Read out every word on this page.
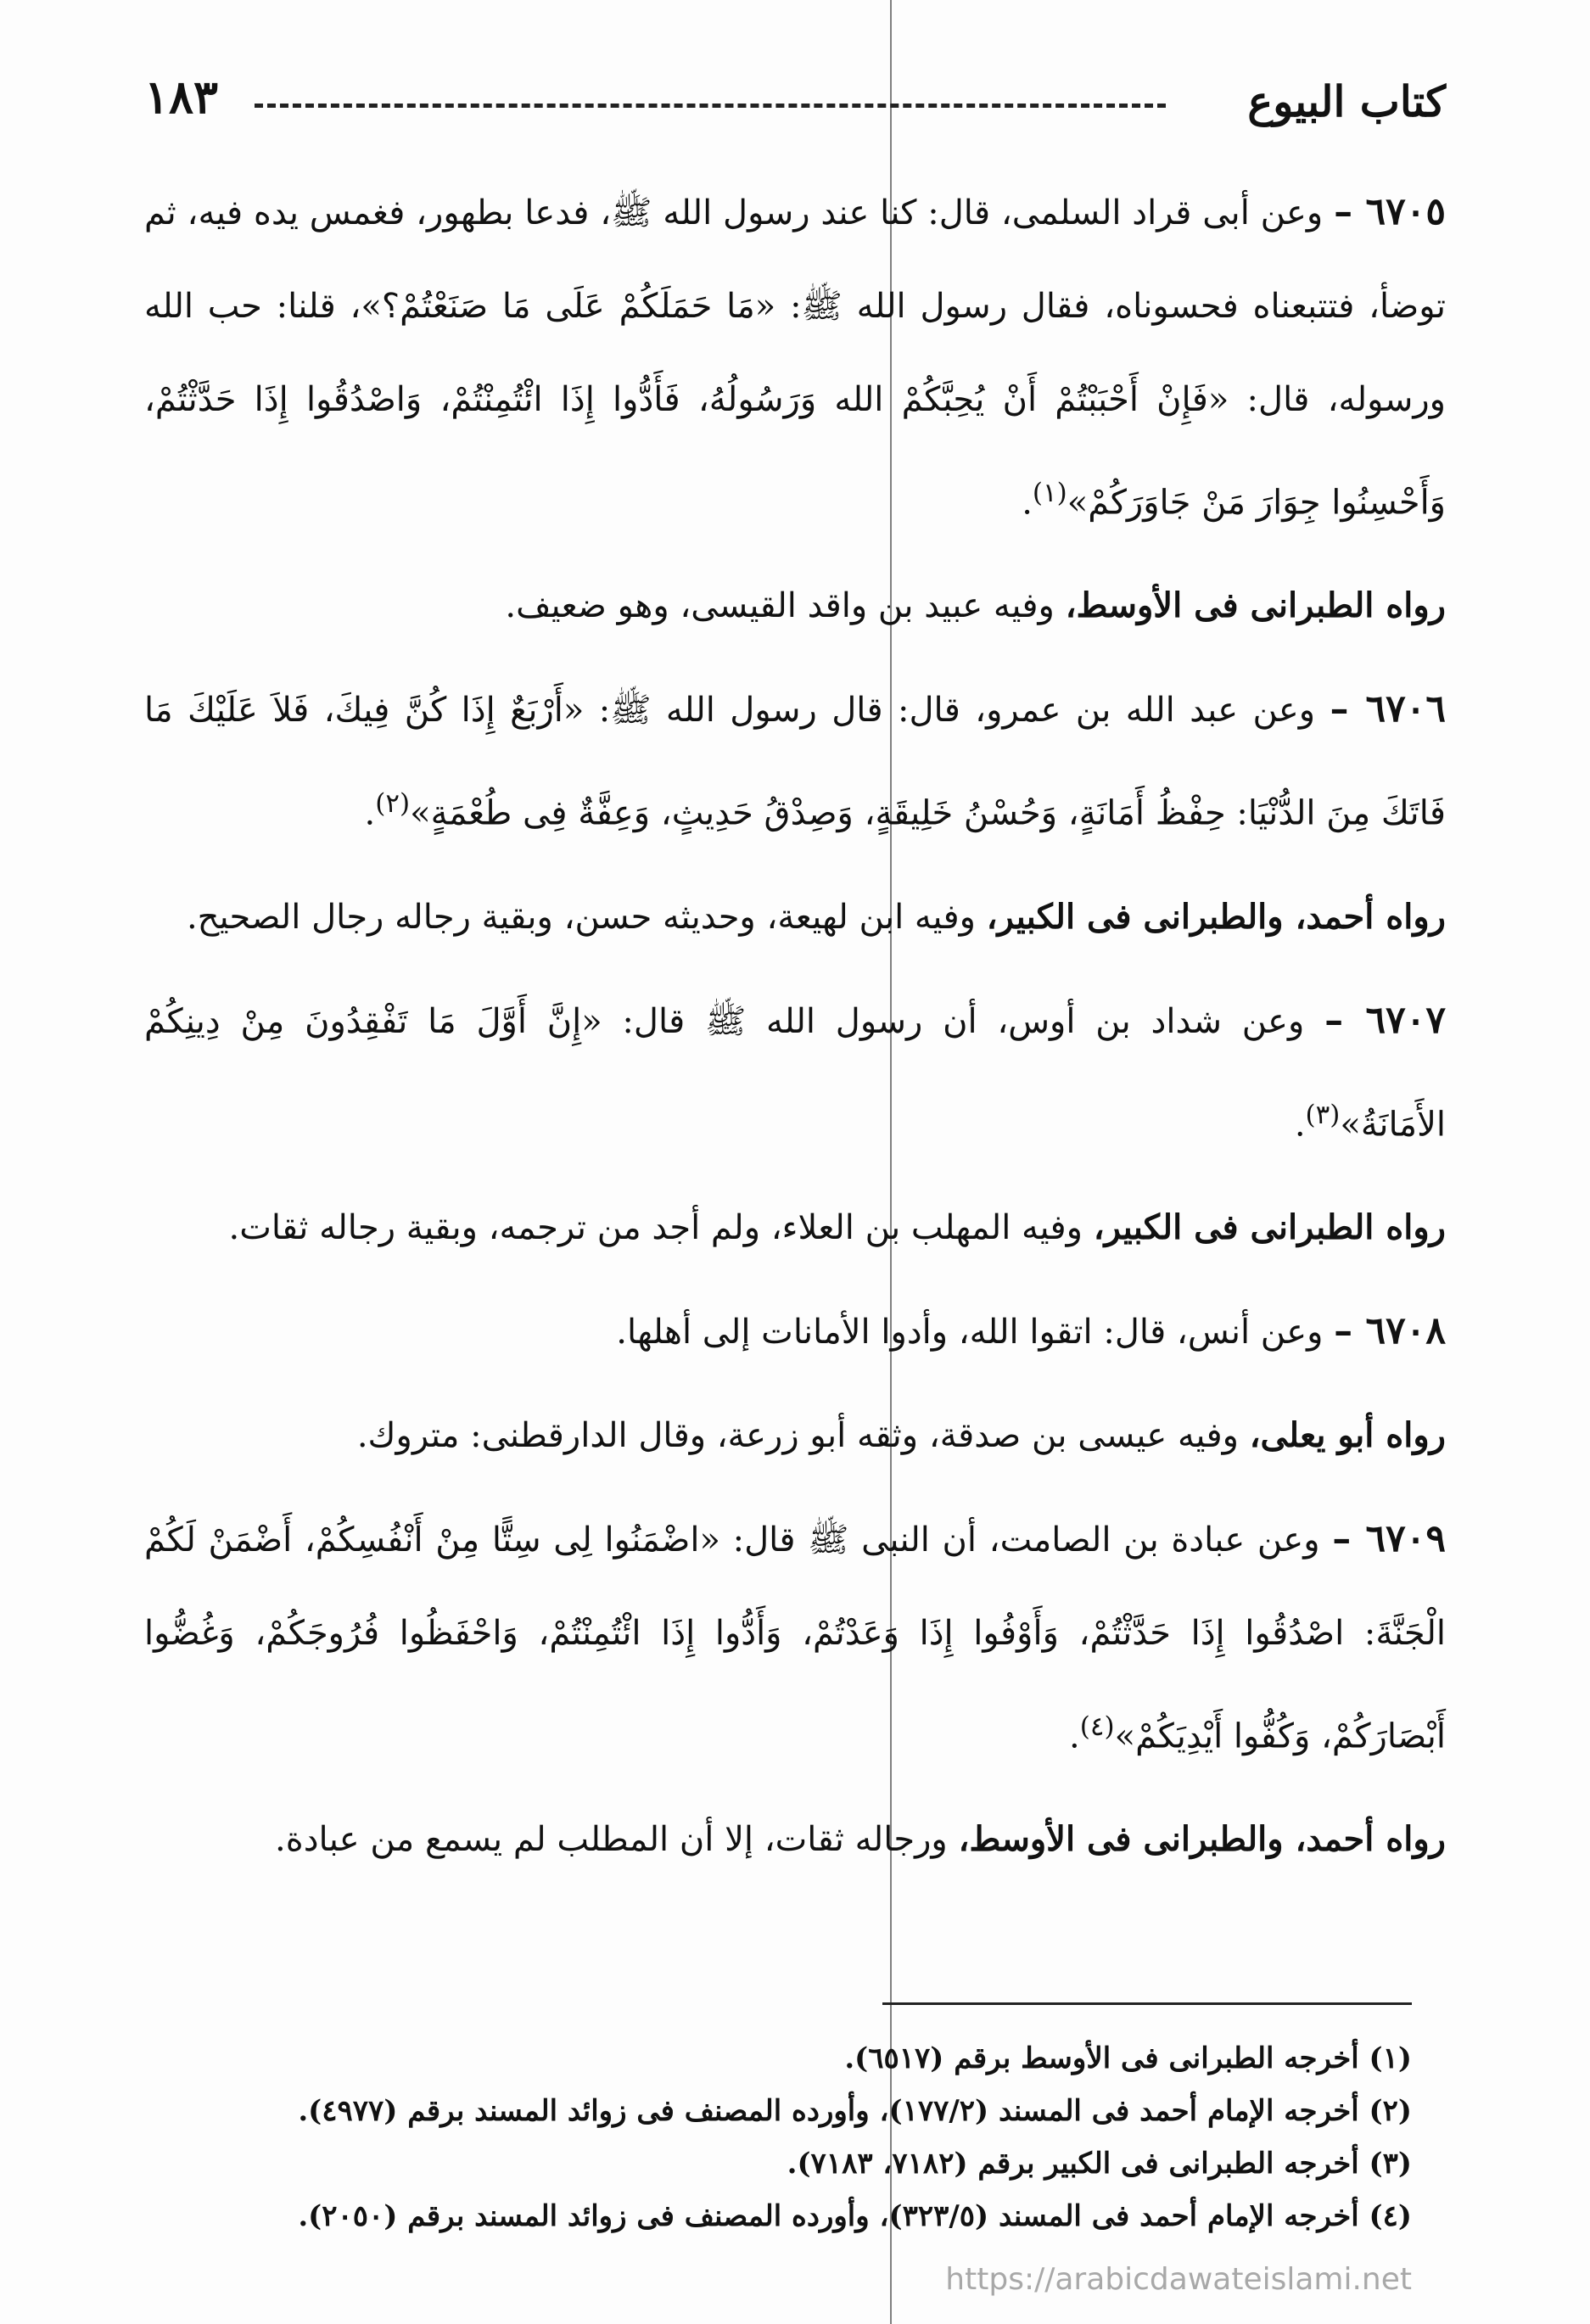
كتاب البيوع
١٨٣

٦٧٠٥ – وعن أبى قراد السلمى، قال: كنا عند رسول الله ﷺ، فدعا بطهور، فغمس يده فيه، ثم توضأ، فتتبعناه فحسوناه، فقال رسول الله ﷺ: «مَا حَمَلَكُمْ عَلَى مَا صَنَعْتُمْ؟»، قلنا: حب الله ورسوله، قال: «فَإِنْ أَحْبَبْتُمْ أَنْ يُحِبَّكُمْ الله وَرَسُولُهُ، فَأَدُّوا إِذَا ائْتُمِنْتُمْ، وَاصْدُقُوا إِذَا حَدَّثْتُمْ، وَأَحْسِنُوا جِوَارَ مَنْ جَاوَرَكُمْ»$^{(١)}$.

رواه الطبرانى فى الأوسط، وفيه عبيد بن واقد القيسى، وهو ضعيف.

٦٧٠٦ – وعن عبد الله بن عمرو، قال: قال رسول الله ﷺ: «أَرْبَعٌ إِذَا كُنَّ فِيكَ، فَلاَ عَلَيْكَ مَا فَاتَكَ مِنَ الدُّنْيَا: حِفْظُ أَمَانَةٍ، وَحُسْنُ خَلِيقَةٍ، وَصِدْقُ حَدِيثٍ، وَعِفَّةٌ فِى طُعْمَةٍ»$^{(٢)}$.

رواه أحمد، والطبرانى فى الكبير، وفيه ابن لهيعة، وحديثه حسن، وبقية رجاله رجال الصحيح.

٦٧٠٧ – وعن شداد بن أوس، أن رسول الله ﷺ قال: «إِنَّ أَوَّلَ مَا تَفْقِدُونَ مِنْ دِينِكُمْ الأَمَانَةُ»$^{(٣)}$.

رواه الطبرانى فى الكبير، وفيه المهلب بن العلاء، ولم أجد من ترجمه، وبقية رجاله ثقات.

٦٧٠٨ – وعن أنس، قال: اتقوا الله، وأدوا الأمانات إلى أهلها.

رواه أبو يعلى، وفيه عيسى بن صدقة، وثقه أبو زرعة، وقال الدارقطنى: متروك.

٦٧٠٩ – وعن عبادة بن الصامت، أن النبى ﷺ قال: «اضْمَنُوا لِى سِتًّا مِنْ أَنْفُسِكُمْ، أَضْمَنْ لَكُمْ الْجَنَّةَ: اصْدُقُوا إِذَا حَدَّثْتُمْ، وَأَوْفُوا إِذَا وَعَدْتُمْ، وَأَدُّوا إِذَا ائْتُمِنْتُمْ، وَاحْفَظُوا فُرُوجَكُمْ، وَغُضُّوا أَبْصَارَكُمْ، وَكُفُّوا أَيْدِيَكُمْ»$^{(٤)}$.

رواه أحمد، والطبرانى فى الأوسط، ورجاله ثقات، إلا أن المطلب لم يسمع من عبادة.

(١) أخرجه الطبرانى فى الأوسط برقم (٦٥١٧).
(٢) أخرجه الإمام أحمد فى المسند (١٧٧/٢)، وأورده المصنف فى زوائد المسند برقم (٤٩٧٧).
(٣) أخرجه الطبرانى فى الكبير برقم (٧١٨٢، ٧١٨٣).
(٤) أخرجه الإمام أحمد فى المسند (٣٢٣/٥)، وأورده المصنف فى زوائد المسند برقم (٢٠٥٠).
https://arabicdawateislami.net
